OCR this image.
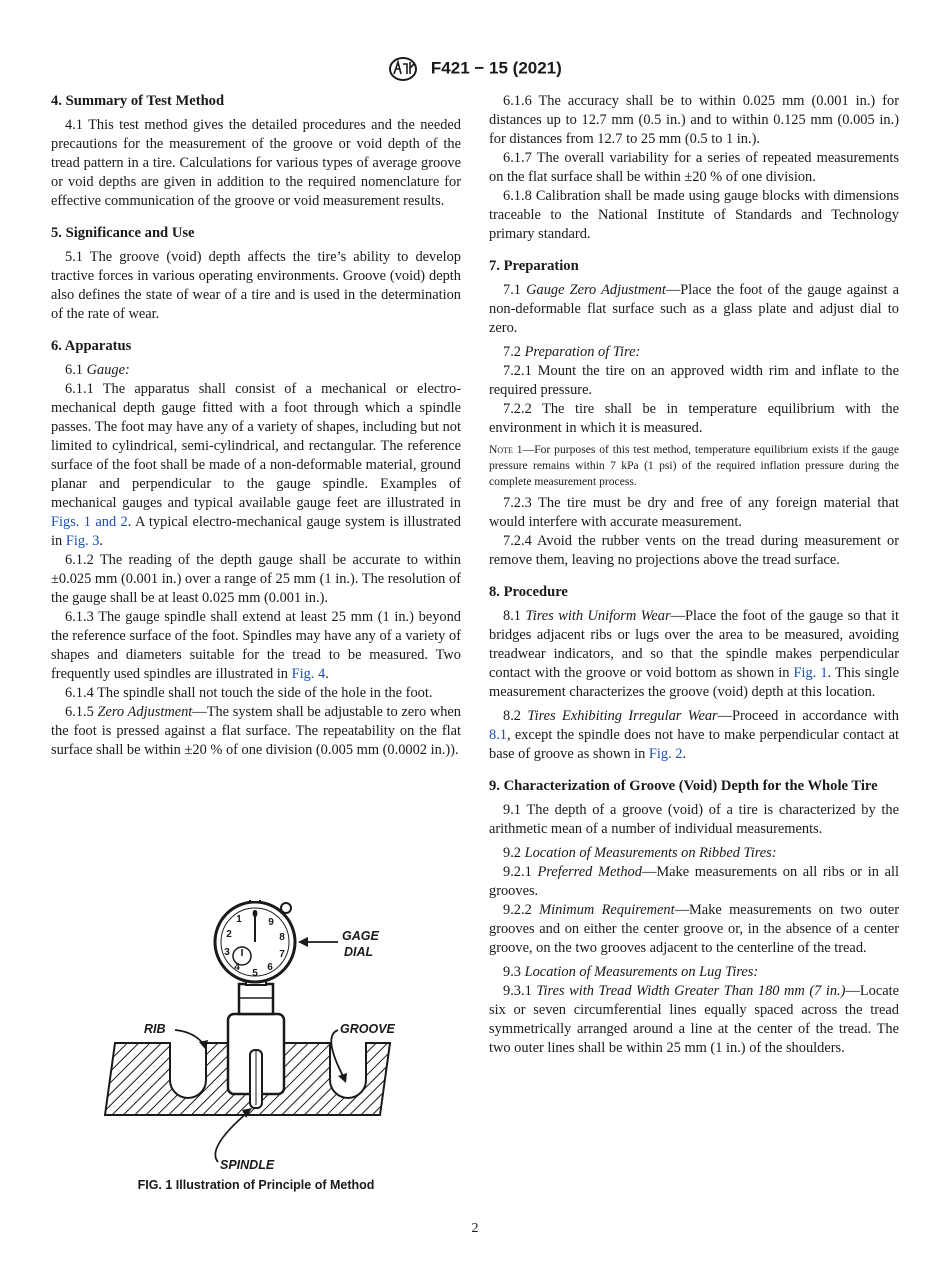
F421 − 15 (2021)
4. Summary of Test Method

4.1 This test method gives the detailed procedures and the needed precautions for the measurement of the groove or void depth of the tread pattern in a tire. Calculations for various types of average groove or void depths are given in addition to the required nomenclature for effective communication of the groove or void measurement results.

5. Significance and Use

5.1 The groove (void) depth affects the tire’s ability to develop tractive forces in various operating environments. Groove (void) depth also defines the state of wear of a tire and is used in the determination of the rate of wear.

6. Apparatus

6.1 Gauge:

6.1.1 The apparatus shall consist of a mechanical or electro-mechanical depth gauge fitted with a foot through which a spindle passes. The foot may have any of a variety of shapes, including but not limited to cylindrical, semi-cylindrical, and rectangular. The reference surface of the foot shall be made of a non-deformable material, ground planar and perpendicular to the gauge spindle. Examples of mechanical gauges and typical available gauge feet are illustrated in Figs. 1 and 2. A typical electro-mechanical gauge system is illustrated in Fig. 3.

6.1.2 The reading of the depth gauge shall be accurate to within ±0.025 mm (0.001 in.) over a range of 25 mm (1 in.). The resolution of the gauge shall be at least 0.025 mm (0.001 in.).

6.1.3 The gauge spindle shall extend at least 25 mm (1 in.) beyond the reference surface of the foot. Spindles may have any of a variety of shapes and diameters suitable for the tread to be measured. Two frequently used spindles are illustrated in Fig. 4.

6.1.4 The spindle shall not touch the side of the hole in the foot.

6.1.5 Zero Adjustment—The system shall be adjustable to zero when the foot is pressed against a flat surface. The repeatability on the flat surface shall be within ±20 % of one division (0.005 mm (0.0002 in.)).

0
1
2
3
4
5
6
7
8
9
GAGE
DIAL
RIB	GROOVE
SPINDLE
FIG. 1 Illustration of Principle of Method

6.1.6 The accuracy shall be to within 0.025 mm (0.001 in.) for distances up to 12.7 mm (0.5 in.) and to within 0.125 mm (0.005 in.) for distances from 12.7 to 25 mm (0.5 to 1 in.).

6.1.7 The overall variability for a series of repeated measurements on the flat surface shall be within ±20 % of one division.

6.1.8 Calibration shall be made using gauge blocks with dimensions traceable to the National Institute of Standards and Technology primary standard.

7. Preparation

7.1 Gauge Zero Adjustment—Place the foot of the gauge against a non-deformable flat surface such as a glass plate and adjust dial to zero.

7.2 Preparation of Tire:

7.2.1 Mount the tire on an approved width rim and inflate to the required pressure.

7.2.2 The tire shall be in temperature equilibrium with the environment in which it is measured.

Note 1—For purposes of this test method, temperature equilibrium exists if the gauge pressure remains within 7 kPa (1 psi) of the required inflation pressure during the complete measurement process.

7.2.3 The tire must be dry and free of any foreign material that would interfere with accurate measurement.

7.2.4 Avoid the rubber vents on the tread during measurement or remove them, leaving no projections above the tread surface.

8. Procedure

8.1 Tires with Uniform Wear—Place the foot of the gauge so that it bridges adjacent ribs or lugs over the area to be measured, avoiding treadwear indicators, and so that the spindle makes perpendicular contact with the groove or void bottom as shown in Fig. 1. This single measurement characterizes the groove (void) depth at this location.

8.2 Tires Exhibiting Irregular Wear—Proceed in accordance with 8.1, except the spindle does not have to make perpendicular contact at base of groove as shown in Fig. 2.

9. Characterization of Groove (Void) Depth for the Whole Tire

9.1 The depth of a groove (void) of a tire is characterized by the arithmetic mean of a number of individual measurements.

9.2 Location of Measurements on Ribbed Tires:

9.2.1 Preferred Method—Make measurements on all ribs or in all grooves.

9.2.2 Minimum Requirement—Make measurements on two outer grooves and on either the center groove or, in the absence of a center groove, on the two grooves adjacent to the centerline of the tread.

9.3 Location of Measurements on Lug Tires:

9.3.1 Tires with Tread Width Greater Than 180 mm (7 in.)—Locate six or seven circumferential lines equally spaced across the tread symmetrically arranged around a line at the center of the tread. The two outer lines shall be within 25 mm (1 in.) of the shoulders.

2
